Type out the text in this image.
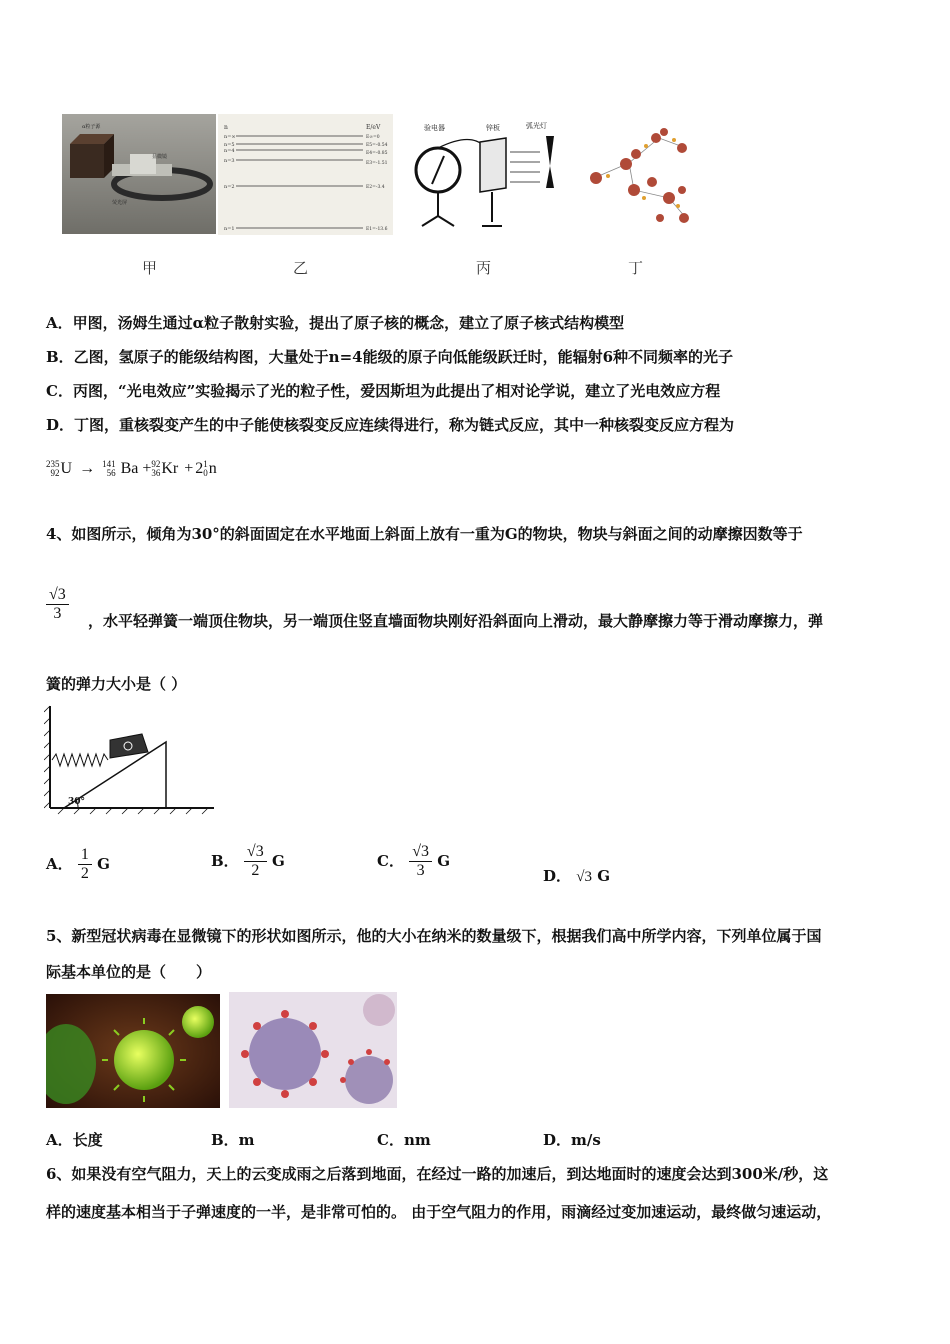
α粒子源
显微镜
荧光屏
n	E/eV
n=∞
n=5
n=4
n=3
n=2
n=1
E∞=0
E5=-0.54
E4=-0.85
E3=-1.51
E2=-3.4
E1=-13.6
验电器	锌板	弧光灯
甲	乙	丙	丁
A．甲图，汤姆生通过α粒子散射实验，提出了原子核的概念，建立了原子核式结构模型
B．乙图，氢原子的能级结构图，大量处于n=4能级的原子向低能级跃迁时，能辐射6种不同频率的光子
C．丙图，“光电效应”实验揭示了光的粒子性，爱因斯坦为此提出了相对论学说，建立了光电效应方程
D．丁图，重核裂变产生的中子能使核裂变反应连续得进行，称为链式反应，其中一种核裂变反应方程为
235
92 U → 141
56 Ba + 92
36 Kr + 2 1
0 n
4、如图所示，倾角为30°的斜面固定在水平地面上斜面上放有一重为G的物块，物块与斜面之间的动摩擦因数等于
$\frac{√3}{3}$ ，水平轻弹簧一端顶住物块，另一端顶住竖直墙面物块刚好沿斜面向上滑动，最大静摩擦力等于滑动摩擦力，弹
簧的弹力大小是（ ）
30°
A． $\frac{1}{2}$ G	B． $\frac{√3}{2}$ G	C． $\frac{√3}{3}$ G
D． √3 G
5、新型冠状病毒在显微镜下的形状如图所示，他的大小在纳米的数量级下，根据我们高中所学内容，下列单位属于国
际基本单位的是（　　）
A．长度	B．m	C．nm	D．m/s
6、如果没有空气阻力，天上的云变成雨之后落到地面，在经过一路的加速后，到达地面时的速度会达到300米/秒，这
样的速度基本相当于子弹速度的一半，是非常可怕的。 由于空气阻力的作用，雨滴经过变加速运动，最终做匀速运动，
